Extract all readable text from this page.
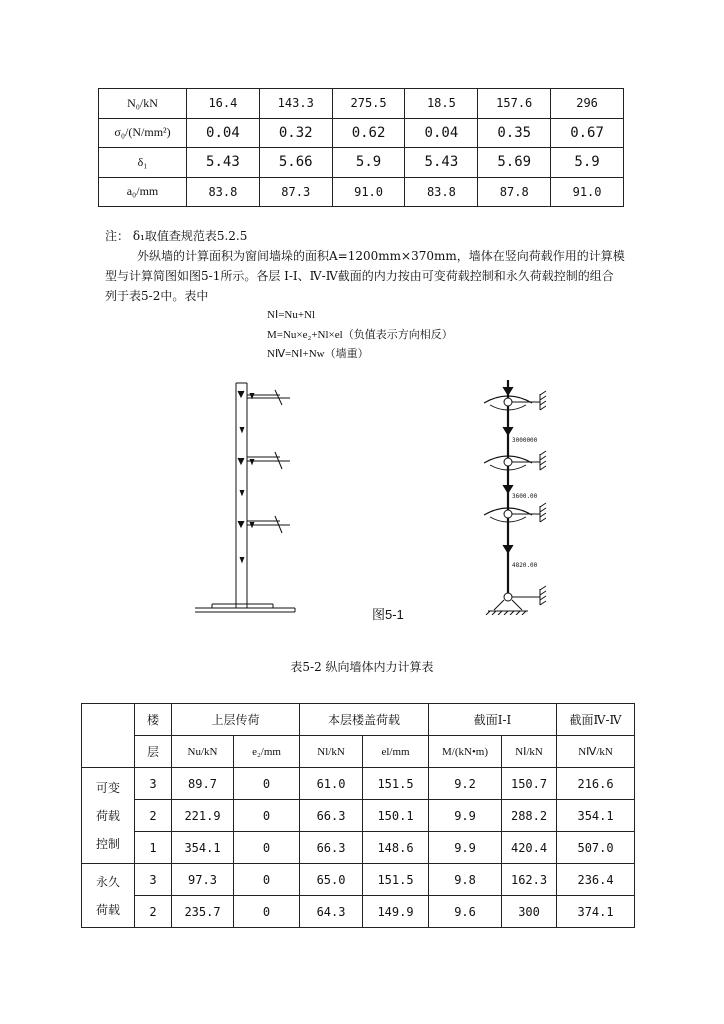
N₀/kN	16.4	143.3	275.5	18.5	157.6	296
σ₀/(N/mm²)	0.04	0.32	0.62	0.04	0.35	0.67
δ₁	5.43	5.66	5.9	5.43	5.69	5.9
a₀/mm	83.8	87.3	91.0	83.8	87.8	91.0

注： δ₁取值查规范表5.2.5

外纵墙的计算面积为窗间墙垛的面积A=1200mm×370mm，墙体在竖向荷载作用的计算模型与计算简图如图5-1所示。各层 Ⅰ-Ⅰ、Ⅳ-Ⅳ截面的内力按由可变荷载控制和永久荷载控制的组合列于表5-2中。表中

NⅠ=Nu+Nl
M=Nu×e₂+Nl×el（负值表示方向相反）
NⅣ=NⅠ+Nw（墙重）
3000000
3600.00
4820.00
图5-1
表5-2 纵向墙体内力计算表
	楼	上层传荷		本层楼盖荷载		截面Ⅰ-Ⅰ		截面Ⅳ-Ⅳ
	层	Nu/kN	e₂/mm	Nl/kN	el/mm	M/(kN•m)	NⅠ/kN	NⅣ/kN

可变
荷载
控制	3	89.7	0	61.0	151.5	9.2	150.7	216.6
	2	221.9	0	66.3	150.1	9.9	288.2	354.1
	1	354.1	0	66.3	148.6	9.9	420.4	507.0

永久
荷载	3	97.3	0	65.0	151.5	9.8	162.3	236.4
	2	235.7	0	64.3	149.9	9.6	300	374.1
